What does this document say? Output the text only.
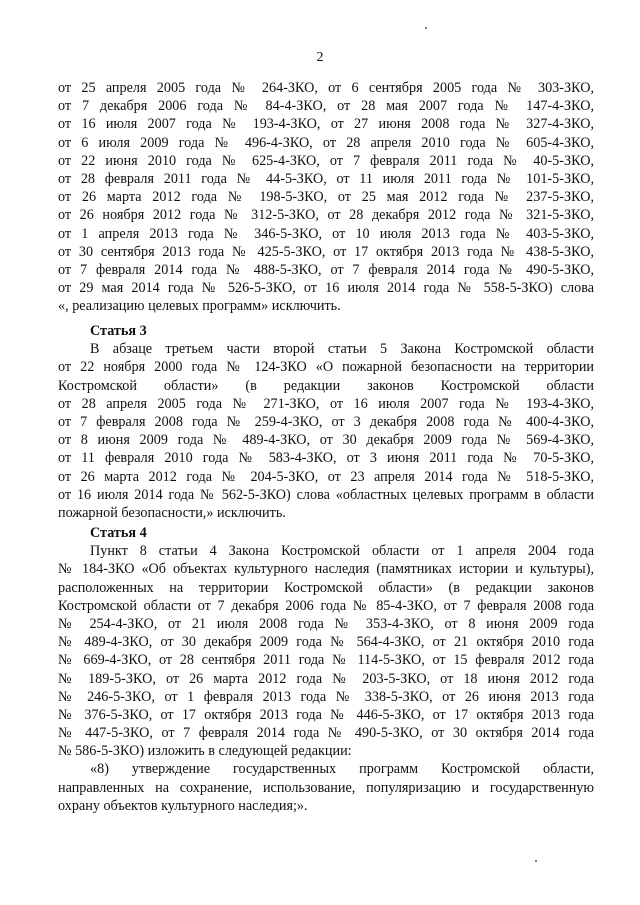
2
от 25 апреля 2005 года № 264-ЗКО, от 6 сентября 2005 года № 303-ЗКО,
от 7 декабря 2006 года № 84-4-ЗКО, от 28 мая 2007 года № 147-4-ЗКО,
от 16 июля 2007 года № 193-4-ЗКО, от 27 июня 2008 года № 327-4-ЗКО,
от 6 июля 2009 года № 496-4-ЗКО, от 28 апреля 2010 года № 605-4-ЗКО,
от 22 июня 2010 года № 625-4-ЗКО, от 7 февраля 2011 года № 40-5-ЗКО,
от 28 февраля 2011 года № 44-5-ЗКО, от 11 июля 2011 года № 101-5-ЗКО,
от 26 марта 2012 года № 198-5-ЗКО, от 25 мая 2012 года № 237-5-ЗКО,
от 26 ноября 2012 года № 312-5-ЗКО, от 28 декабря 2012 года № 321-5-ЗКО,
от 1 апреля 2013 года № 346-5-ЗКО, от 10 июля 2013 года № 403-5-ЗКО,
от 30 сентября 2013 года № 425-5-ЗКО, от 17 октября 2013 года № 438-5-ЗКО,
от 7 февраля 2014 года № 488-5-ЗКО, от 7 февраля 2014 года № 490-5-ЗКО,
от 29 мая 2014 года № 526-5-ЗКО, от 16 июля 2014 года № 558-5-ЗКО) слова
«, реализацию целевых программ» исключить.
Статья 3
В абзаце третьем части второй статьи 5 Закона Костромской области
от 22 ноября 2000 года № 124-ЗКО «О пожарной безопасности на территории
Костромской области» (в редакции законов Костромской области
от 28 апреля 2005 года № 271-ЗКО, от 16 июля 2007 года № 193-4-ЗКО,
от 7 февраля 2008 года № 259-4-ЗКО, от 3 декабря 2008 года № 400-4-ЗКО,
от 8 июня 2009 года № 489-4-ЗКО, от 30 декабря 2009 года № 569-4-ЗКО,
от 11 февраля 2010 года № 583-4-ЗКО, от 3 июня 2011 года № 70-5-ЗКО,
от 26 марта 2012 года № 204-5-ЗКО, от 23 апреля 2014 года № 518-5-ЗКО,
от 16 июля 2014 года № 562-5-ЗКО) слова «областных целевых программ в области
пожарной безопасности,» исключить.
Статья 4
Пункт 8 статьи 4 Закона Костромской области от 1 апреля 2004 года
№ 184-ЗКО «Об объектах культурного наследия (памятниках истории и культуры),
расположенных на территории Костромской области» (в редакции законов
Костромской области от 7 декабря 2006 года № 85-4-ЗКО, от 7 февраля 2008 года
№ 254-4-ЗКО, от 21 июля 2008 года № 353-4-ЗКО, от 8 июня 2009 года
№ 489-4-ЗКО, от 30 декабря 2009 года № 564-4-ЗКО, от 21 октября 2010 года
№ 669-4-ЗКО, от 28 сентября 2011 года № 114-5-ЗКО, от 15 февраля 2012 года
№ 189-5-ЗКО, от 26 марта 2012 года № 203-5-ЗКО, от 18 июня 2012 года
№ 246-5-ЗКО, от 1 февраля 2013 года № 338-5-ЗКО, от 26 июня 2013 года
№ 376-5-ЗКО, от 17 октября 2013 года № 446-5-ЗКО, от 17 октября 2013 года
№ 447-5-ЗКО, от 7 февраля 2014 года № 490-5-ЗКО, от 30 октября 2014 года
№ 586-5-ЗКО) изложить в следующей редакции:
«8) утверждение государственных программ Костромской области,
направленных на сохранение, использование, популяризацию и государственную
охрану объектов культурного наследия;».
